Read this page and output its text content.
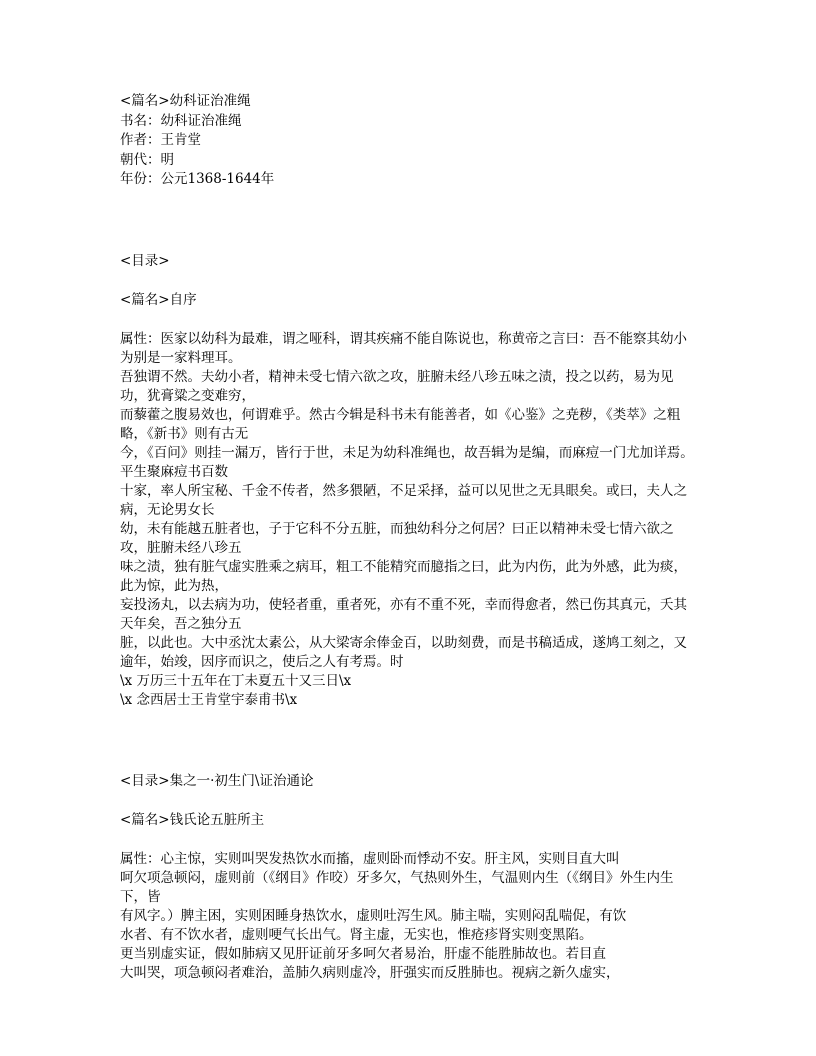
<篇名>幼科证治准绳
书名：幼科证治准绳
作者：王肯堂
朝代：明
年份：公元1368-1644年
<目录>
<篇名>自序
属性：医家以幼科为最难，谓之哑科，谓其疾痛不能自陈说也，称黄帝之言曰：吾不能察其幼小为别是一家料理耳。
吾独谓不然。夫幼小者，精神未受七情六欲之攻，脏腑未经八珍五味之渍，投之以药，易为见功，犹膏粱之变难穷，
而藜藿之腹易效也，何谓难乎。然古今辑是科书未有能善者，如《心鉴》之尭秽，《类萃》之粗略，《新书》则有古无
今，《百问》则挂一漏万，皆行于世，未足为幼科准绳也，故吾辑为是编，而麻痘一门尤加详焉。平生聚麻痘书百数
十家，率人所宝秘、千金不传者，然多猥陋，不足采择，益可以见世之无具眼矣。或曰，夫人之病，无论男女长
幼，未有能越五脏者也，子于它科不分五脏，而独幼科分之何居？曰正以精神未受七情六欲之攻，脏腑未经八珍五
味之渍，独有脏气虚实胜乘之病耳，粗工不能精究而臆指之曰，此为内伤，此为外感，此为痰，此为惊，此为热，
妄投汤丸，以去病为功，使轻者重，重者死，亦有不重不死，幸而得愈者，然已伤其真元，夭其天年矣，吾之独分五
脏，以此也。大中丞沈太素公，从大梁寄余俸金百，以助刻费，而是书稿适成，遂鸠工刻之，又
逾年，始竣，因序而识之，使后之人有考焉。时
\x 万历三十五年在丁未夏五十又三日\x
\x 念西居士王肯堂宇泰甫书\x
<目录>集之一·初生门\证治通论
<篇名>钱氏论五脏所主
属性：心主惊，实则叫哭发热饮水而搐，虚则卧而悸动不安。肝主风，实则目直大叫
呵欠项急顿闷，虚则前（《纲目》作咬）牙多欠，气热则外生，气温则内生（《纲目》外生内生下，皆
有风字。）脾主困，实则困睡身热饮水，虚则吐泻生风。肺主喘，实则闷乱喘促，有饮
水者、有不饮水者，虚则哽气长出气。肾主虚，无实也，惟疮疹肾实则变黑陷。
更当别虚实证，假如肺病又见肝证前牙多呵欠者易治，肝虚不能胜肺故也。若目直
大叫哭，项急顿闷者难治，盖肺久病则虚冷，肝强实而反胜肺也。视病之新久虚实，
